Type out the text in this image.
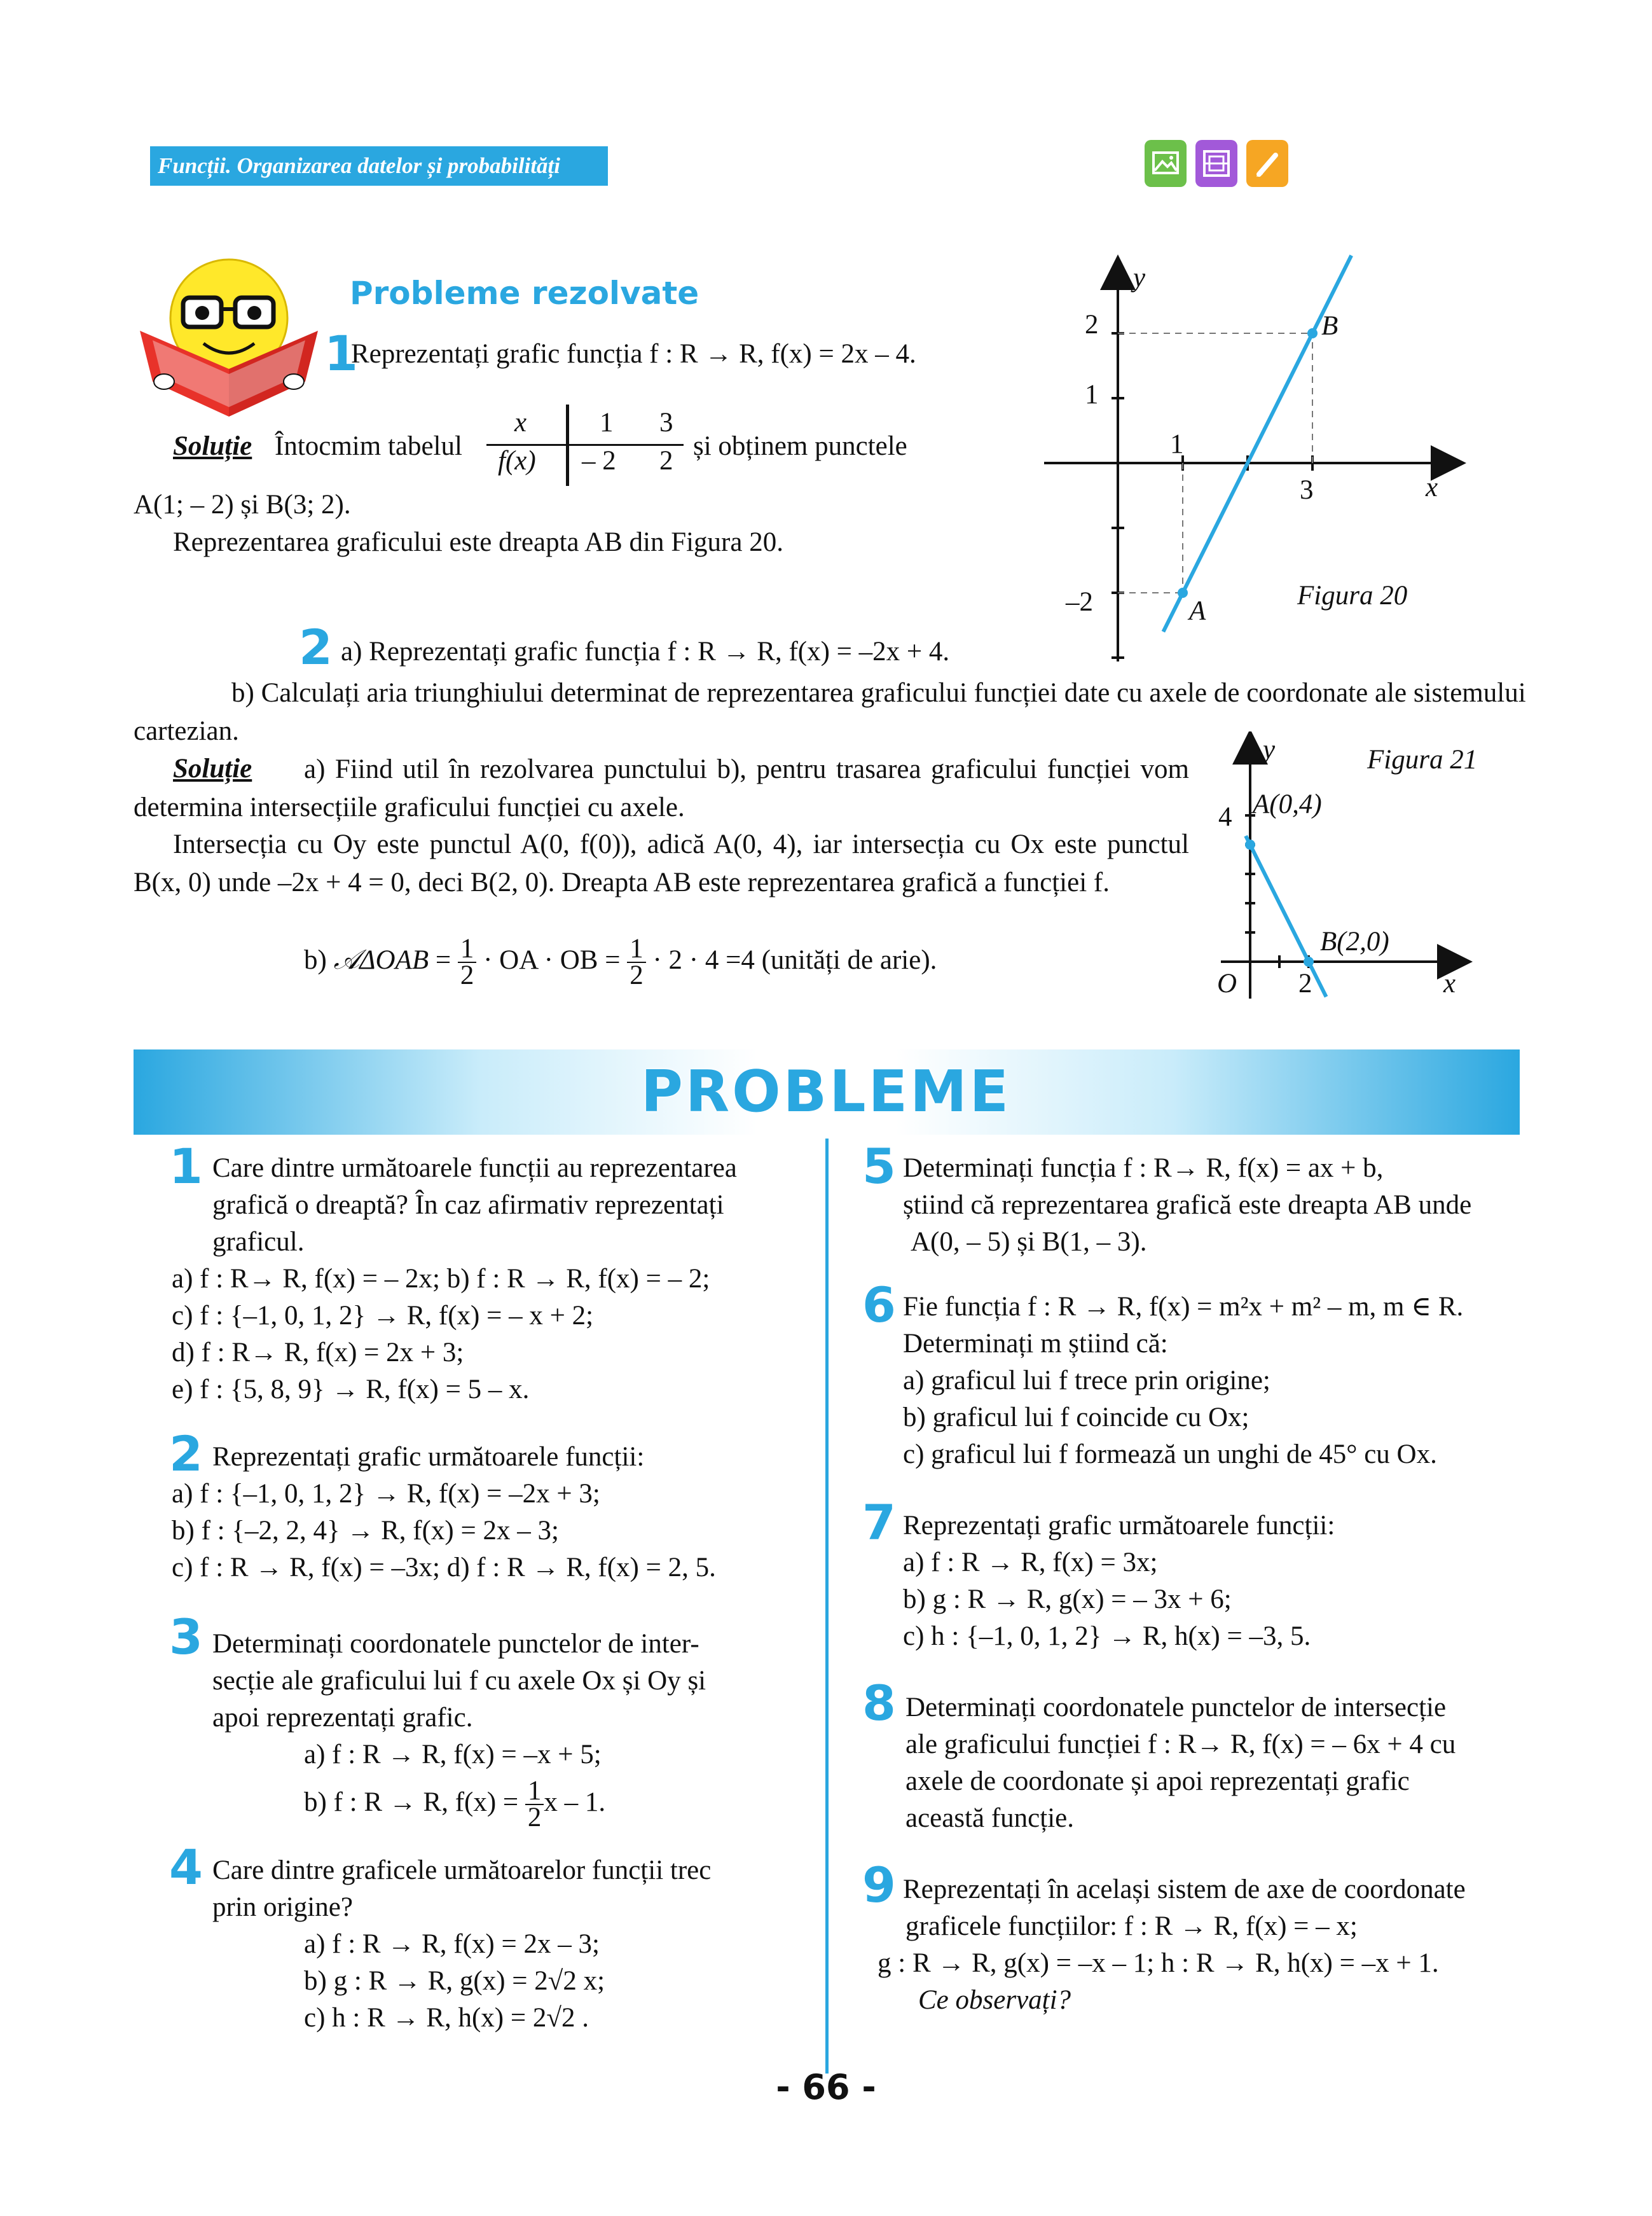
Funcții. Organizarea datelor și probabilități
Probleme rezolvate
1
Reprezentați grafic funcția f : R → R, f(x) = 2x – 4.
Soluție Întocmim tabelul
x
f(x)
1 3
– 2 2 și obținem punctele
A(1; – 2) și B(3; 2).
Reprezentarea graficului este dreapta AB din Figura 20.
y
x
2
1
–2
1
3
A
B
Figura 20
2 a) Reprezentați grafic funcția f : R → R, f(x) = –2x + 4.
b) Calculați aria triunghiului determinat de reprezentarea graficului funcției date cu axele de coordonate ale sistemului cartezian.
Soluție	a) Fiind util în rezolvarea punctului b), pentru trasarea graficului funcției vom determina intersecțiile graficului funcției cu axele.
Intersecția cu Oy este punctul A(0, f(0)), adică A(0, 4), iar intersecția cu Ox este punctul B(x, 0) unde –2x + 4 = 0, deci B(2, 0). Dreapta AB este reprezentarea grafică a funcției f.
b) 𝒜ΔOAB = $\frac{1}{2}$ · OA · OB = $\frac{1}{2} \cdot 2 \cdot 4 =4$ (unități de arie).
y
x
O
4
2
A(0,4)
B(2,0)
Figura 21
PROBLEME
1 Care dintre următoarele funcții au reprezentarea
grafică o dreaptă? În caz afirmativ reprezentați
graficul.
a) f : R→ R, f(x) = – 2x; b) f : R → R, f(x) = – 2;
c) f : {–1, 0, 1, 2} → R, f(x) = – x + 2;
d) f : R→ R, f(x) = 2x + 3;
e) f : {5, 8, 9} → R, f(x) = 5 – x.
2 Reprezentați grafic următoarele funcții:
a) f : {–1, 0, 1, 2} → R, f(x) = –2x + 3;
b) f : {–2, 2, 4} → R, f(x) = 2x – 3;
c) f : R → R, f(x) = –3x; d) f : R → R, f(x) = 2, 5.
3 Determinați coordonatele punctelor de inter-
secție ale graficului lui f cu axele Ox și Oy și
apoi reprezentați grafic.
a) f : R → R, f(x) = –x + 5;
b) f : R → R, $f(x) = \frac{1}{2}$ x – 1.
4 Care dintre graficele următoarelor funcții trec
prin origine?
a) f : R → R, f(x) = 2x – 3;
b) g : R → R, g(x) = 2√2 x;
c) h : R → R, h(x) = 2√2 .
5 Determinați funcția f : R→ R, f(x) = ax + b,
știind că reprezentarea grafică este dreapta AB unde
A(0, – 5) și B(1, – 3).
6 Fie funcția f : R → R, f(x) = m²x + m² – m, m ∈ R.
Determinați m știind că:
a) graficul lui f trece prin origine;
b) graficul lui f coincide cu Ox;
c) graficul lui f formează un unghi de 45° cu Ox.
7 Reprezentați grafic următoarele funcții:
a) f : R → R, f(x) = 3x;
b) g : R → R, g(x) = – 3x + 6;
c) h : {–1, 0, 1, 2} → R, h(x) = –3, 5.
8 Determinați coordonatele punctelor de intersecție
ale graficului funcției f : R→ R, f(x) = – 6x + 4 cu
axele de coordonate și apoi reprezentați grafic
această funcție.
9 Reprezentați în același sistem de axe de coordonate
graficele funcțiilor: f : R → R, f(x) = – x;
g : R → R, g(x) = –x – 1; h : R → R, h(x) = –x + 1.
Ce observați?
- 66 -
